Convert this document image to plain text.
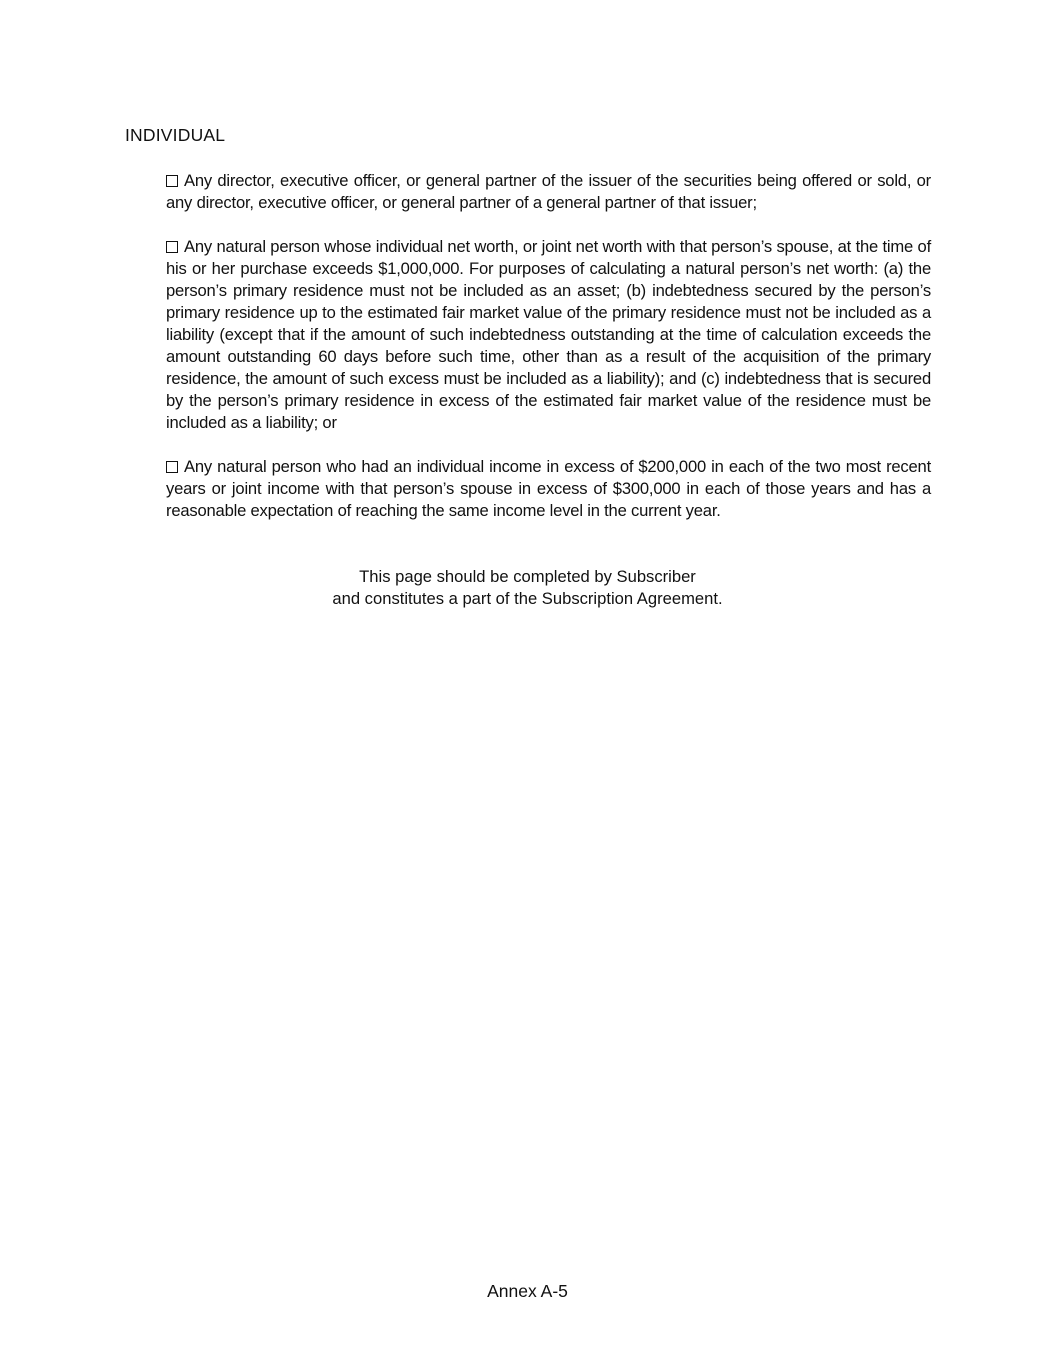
INDIVIDUAL

Any director, executive officer, or general partner of the issuer of the securities being offered or sold, or any director, executive officer, or general partner of a general partner of that issuer;

Any natural person whose individual net worth, or joint net worth with that person’s spouse, at the time of his or her purchase exceeds $1,000,000. For purposes of calculating a natural person’s net worth: (a) the person’s primary residence must not be included as an asset; (b) indebtedness secured by the person’s primary residence up to the estimated fair market value of the primary residence must not be included as a liability (except that if the amount of such indebtedness outstanding at the time of calculation exceeds the amount outstanding 60 days before such time, other than as a result of the acquisition of the primary residence, the amount of such excess must be included as a liability); and (c) indebtedness that is secured by the person’s primary residence in excess of the estimated fair market value of the residence must be included as a liability; or

Any natural person who had an individual income in excess of $200,000 in each of the two most recent years or joint income with that person’s spouse in excess of $300,000 in each of those years and has a reasonable expectation of reaching the same income level in the current year.

This page should be completed by Subscriber
and constitutes a part of the Subscription Agreement.
Annex A-5
